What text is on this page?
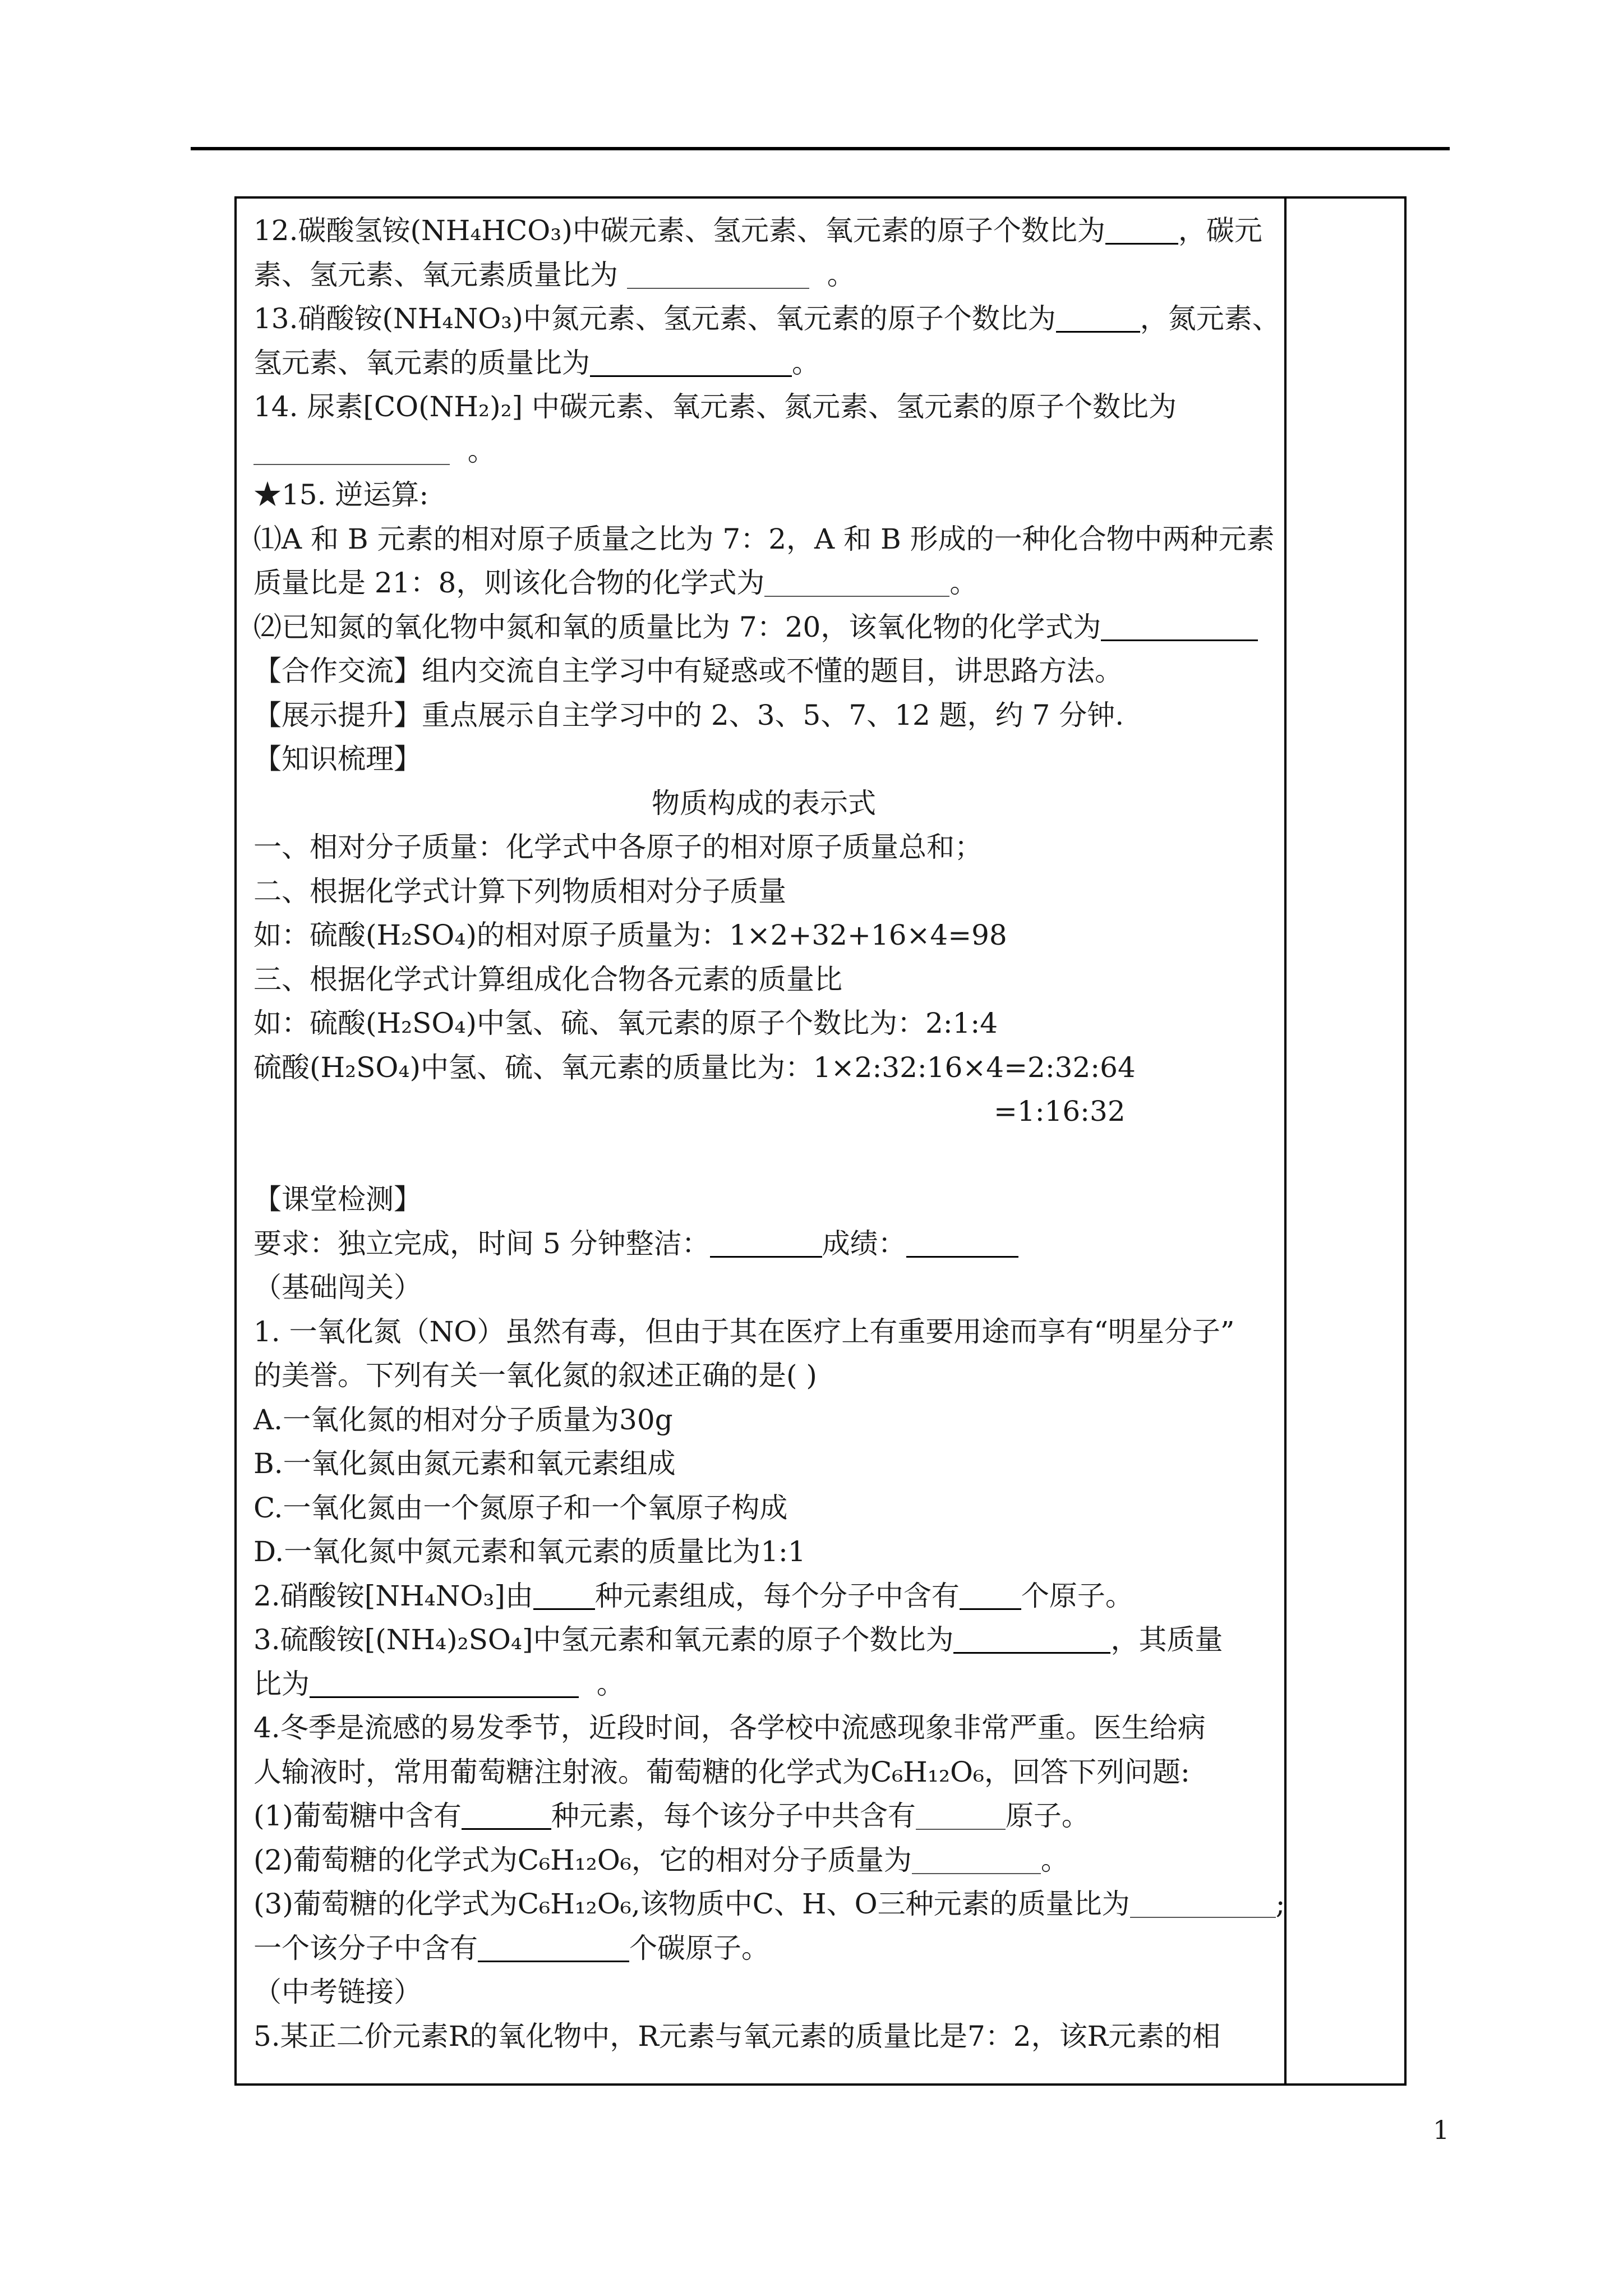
12.碳酸氢铵(NH₄HCO₃)中碳元素、氢元素、氧元素的原子个数比为	，碳元
素、氢元素、氧元素质量比为	。
13.硝酸铵(NH₄NO₃)中氮元素、氢元素、氧元素的原子个数比为	，氮元素、
氢元素、氧元素的质量比为	。
14. 尿素[CO(NH₂)₂] 中碳元素、氧元素、氮元素、氢元素的原子个数比为
。
★15. 逆运算:
⑴A 和 B 元素的相对原子质量之比为 7：2，A 和 B 形成的一种化合物中两种元素
质量比是 21：8，则该化合物的化学式为	。
⑵已知氮的氧化物中氮和氧的质量比为 7：20，该氧化物的化学式为
【合作交流】组内交流自主学习中有疑惑或不懂的题目，讲思路方法。
【展示提升】重点展示自主学习中的 2、3、5、7、12 题，约 7 分钟.
【知识梳理】
物质构成的表示式
一、相对分子质量：化学式中各原子的相对原子质量总和；
二、根据化学式计算下列物质相对分子质量
如：硫酸(H₂SO₄)的相对原子质量为：1×2+32+16×4=98
三、根据化学式计算组成化合物各元素的质量比
如：硫酸(H₂SO₄)中氢、硫、氧元素的原子个数比为：2:1:4
硫酸(H₂SO₄)中氢、硫、氧元素的质量比为：1×2:32:16×4=2:32:64
=1:16:32
【课堂检测】
要求：独立完成，时间 5 分钟整洁：	成绩：
（基础闯关）
1. 一氧化氮（NO）虽然有毒，但由于其在医疗上有重要用途而享有“明星分子”
的美誉。下列有关一氧化氮的叙述正确的是( )
A.一氧化氮的相对分子质量为30g
B.一氧化氮由氮元素和氧元素组成
C.一氧化氮由一个氮原子和一个氧原子构成
D.一氧化氮中氮元素和氧元素的质量比为1:1
2.硝酸铵[NH₄NO₃]由 种元素组成，每个分子中含有 个原子。
3.硫酸铵[(NH₄)₂SO₄]中氢元素和氧元素的原子个数比为	，其质量
比为	。
4.冬季是流感的易发季节，近段时间，各学校中流感现象非常严重。医生给病
人输液时，常用葡萄糖注射液。葡萄糖的化学式为C₆H₁₂O₆，回答下列问题:
(1)葡萄糖中含有	种元素，每个该分子中共含有	原子。
(2)葡萄糖的化学式为C₆H₁₂O₆，它的相对分子质量为	。
(3)葡萄糖的化学式为C₆H₁₂O₆,该物质中C、H、O三种元素的质量比为	;
一个该分子中含有	个碳原子。
（中考链接）
5.某正二价元素R的氧化物中，R元素与氧元素的质量比是7：2，该R元素的相
1
